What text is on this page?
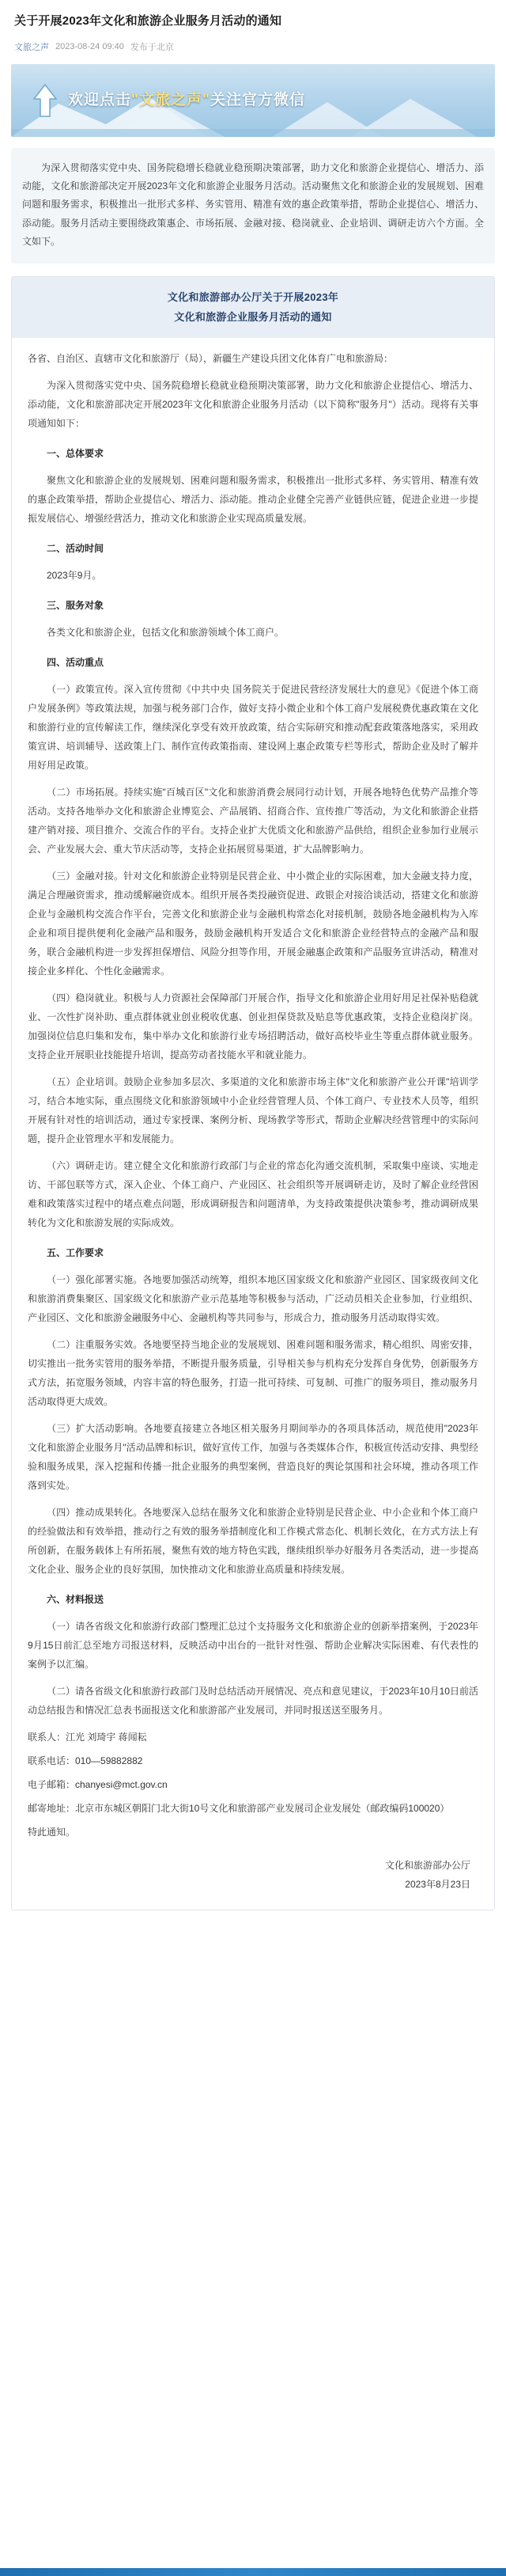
关于开展2023年文化和旅游企业服务月活动的通知
文旅之声 2023-08-24 09:40 发布于北京
欢迎点击"文旅之声"关注官方微信
为深入贯彻落实党中央、国务院稳增长稳就业稳预期决策部署，助力文化和旅游企业提信心、增活力、添动能，文化和旅游部决定开展2023年文化和旅游企业服务月活动。活动聚焦文化和旅游企业的发展规划、困难问题和服务需求，积极推出一批形式多样、务实管用、精准有效的惠企政策举措，帮助企业提信心、增活力、添动能。服务月活动主要围绕政策惠企、市场拓展、金融对接、稳岗就业、企业培训、调研走访六个方面。全文如下。
文化和旅游部办公厅关于开展2023年
文化和旅游企业服务月活动的通知

各省、自治区、直辖市文化和旅游厅（局），新疆生产建设兵团文化体育广电和旅游局：

为深入贯彻落实党中央、国务院稳增长稳就业稳预期决策部署，助力文化和旅游企业提信心、增活力、添动能，文化和旅游部决定开展2023年文化和旅游企业服务月活动（以下简称"服务月"）活动。现将有关事项通知如下：

一、总体要求

聚焦文化和旅游企业的发展规划、困难问题和服务需求，积极推出一批形式多样、务实管用、精准有效的惠企政策举措，帮助企业提信心、增活力、添动能。推动企业健全完善产业链供应链，促进企业进一步提振发展信心、增强经营活力，推动文化和旅游企业实现高质量发展。

二、活动时间

2023年9月。

三、服务对象

各类文化和旅游企业，包括文化和旅游领域个体工商户。

四、活动重点

（一）政策宣传。深入宣传贯彻《中共中央 国务院关于促进民营经济发展壮大的意见》《促进个体工商户发展条例》等政策法规，加强与税务部门合作，做好支持小微企业和个体工商户发展税费优惠政策在文化和旅游行业的宣传解读工作，继续深化享受有效开放政策，结合实际研究和推动配套政策落地落实，采用政策宣讲、培训辅导、送政策上门、制作宣传政策指南、建设网上惠企政策专栏等形式，帮助企业及时了解并用好用足政策。

（二）市场拓展。持续实施"百城百区"文化和旅游消费会展同行动计划，开展各地特色优势产品推介等活动。支持各地举办文化和旅游企业博览会、产品展销、招商合作、宣传推广等活动，为文化和旅游企业搭建产销对接、项目推介、交流合作的平台。支持企业扩大优质文化和旅游产品供给，组织企业参加行业展示会、产业发展大会、重大节庆活动等，支持企业拓展贸易渠道，扩大品牌影响力。

（三）金融对接。针对文化和旅游企业特别是民营企业、中小微企业的实际困难，加大金融支持力度，满足合理融资需求，推动缓解融资成本。组织开展各类投融资促进、政银企对接洽谈活动，搭建文化和旅游企业与金融机构交流合作平台，完善文化和旅游企业与金融机构常态化对接机制，鼓励各地金融机构为入库企业和项目提供便利化金融产品和服务，鼓励金融机构开发适合文化和旅游企业经营特点的金融产品和服务，联合金融机构进一步发挥担保增信、风险分担等作用，开展金融惠企政策和产品服务宣讲活动，精准对接企业多样化、个性化金融需求。

（四）稳岗就业。积极与人力资源社会保障部门开展合作，指导文化和旅游企业用好用足社保补贴稳就业、一次性扩岗补助、重点群体就业创业税收优惠、创业担保贷款及贴息等优惠政策，支持企业稳岗扩岗。加强岗位信息归集和发布，集中举办文化和旅游行业专场招聘活动，做好高校毕业生等重点群体就业服务。支持企业开展职业技能提升培训，提高劳动者技能水平和就业能力。

（五）企业培训。鼓励企业参加多层次、多渠道的文化和旅游市场主体"文化和旅游产业公开课"培训学习，结合本地实际，重点围绕文化和旅游领域中小企业经营管理人员、个体工商户、专业技术人员等，组织开展有针对性的培训活动，通过专家授课、案例分析、现场教学等形式，帮助企业解决经营管理中的实际问题，提升企业管理水平和发展能力。

（六）调研走访。建立健全文化和旅游行政部门与企业的常态化沟通交流机制，采取集中座谈、实地走访、干部包联等方式，深入企业、个体工商户、产业园区、社会组织等开展调研走访，及时了解企业经营困难和政策落实过程中的堵点难点问题，形成调研报告和问题清单，为支持政策提供决策参考，推动调研成果转化为文化和旅游发展的实际成效。

五、工作要求

（一）强化部署实施。各地要加强活动统筹，组织本地区国家级文化和旅游产业园区、国家级夜间文化和旅游消费集聚区、国家级文化和旅游产业示范基地等积极参与活动，广泛动员相关企业参加，行业组织、产业园区、文化和旅游金融服务中心、金融机构等共同参与，形成合力，推动服务月活动取得实效。

（二）注重服务实效。各地要坚持当地企业的发展规划、困难问题和服务需求，精心组织、周密安排，切实推出一批务实管用的服务举措，不断提升服务质量，引导相关参与机构充分发挥自身优势，创新服务方式方法，拓宽服务领域，内容丰富的特色服务，打造一批可持续、可复制、可推广的服务项目，推动服务月活动取得更大成效。

（三）扩大活动影响。各地要直接建立各地区相关服务月期间举办的各项具体活动，规范使用"2023年文化和旅游企业服务月"活动品牌和标识，做好宣传工作，加强与各类媒体合作，积极宣传活动安排、典型经验和服务成果，深入挖掘和传播一批企业服务的典型案例，营造良好的舆论氛围和社会环境，推动各项工作落到实处。

（四）推动成果转化。各地要深入总结在服务文化和旅游企业特别是民营企业、中小企业和个体工商户的经验做法和有效举措，推动行之有效的服务举措制度化和工作模式常态化、机制长效化，在方式方法上有所创新，在服务载体上有所拓展，聚焦有效的地方特色实践，继续组织举办好服务月各类活动，进一步提高文化企业、服务企业的良好氛围，加快推动文化和旅游业高质量和持续发展。

六、材料报送

（一）请各省级文化和旅游行政部门整理汇总过个支持服务文化和旅游企业的创新举措案例，于2023年9月15日前汇总至地方司报送材料，反映活动中出台的一批针对性强、帮助企业解决实际困难、有代表性的案例予以汇编。

（二）请各省级文化和旅游行政部门及时总结活动开展情况、亮点和意见建议，于2023年10月10日前活动总结报告和情况汇总表书面报送文化和旅游部产业发展司，并同时报送送至服务月。

联系人：江光 刘琦宇 蒋闻耘

联系电话：010—59882882

电子邮箱：chanyesi@mct.gov.cn

邮寄地址：北京市东城区朝阳门北大街10号文化和旅游部产业发展司企业发展处（邮政编码100020）

特此通知。

文化和旅游部办公厅
2023年8月23日
